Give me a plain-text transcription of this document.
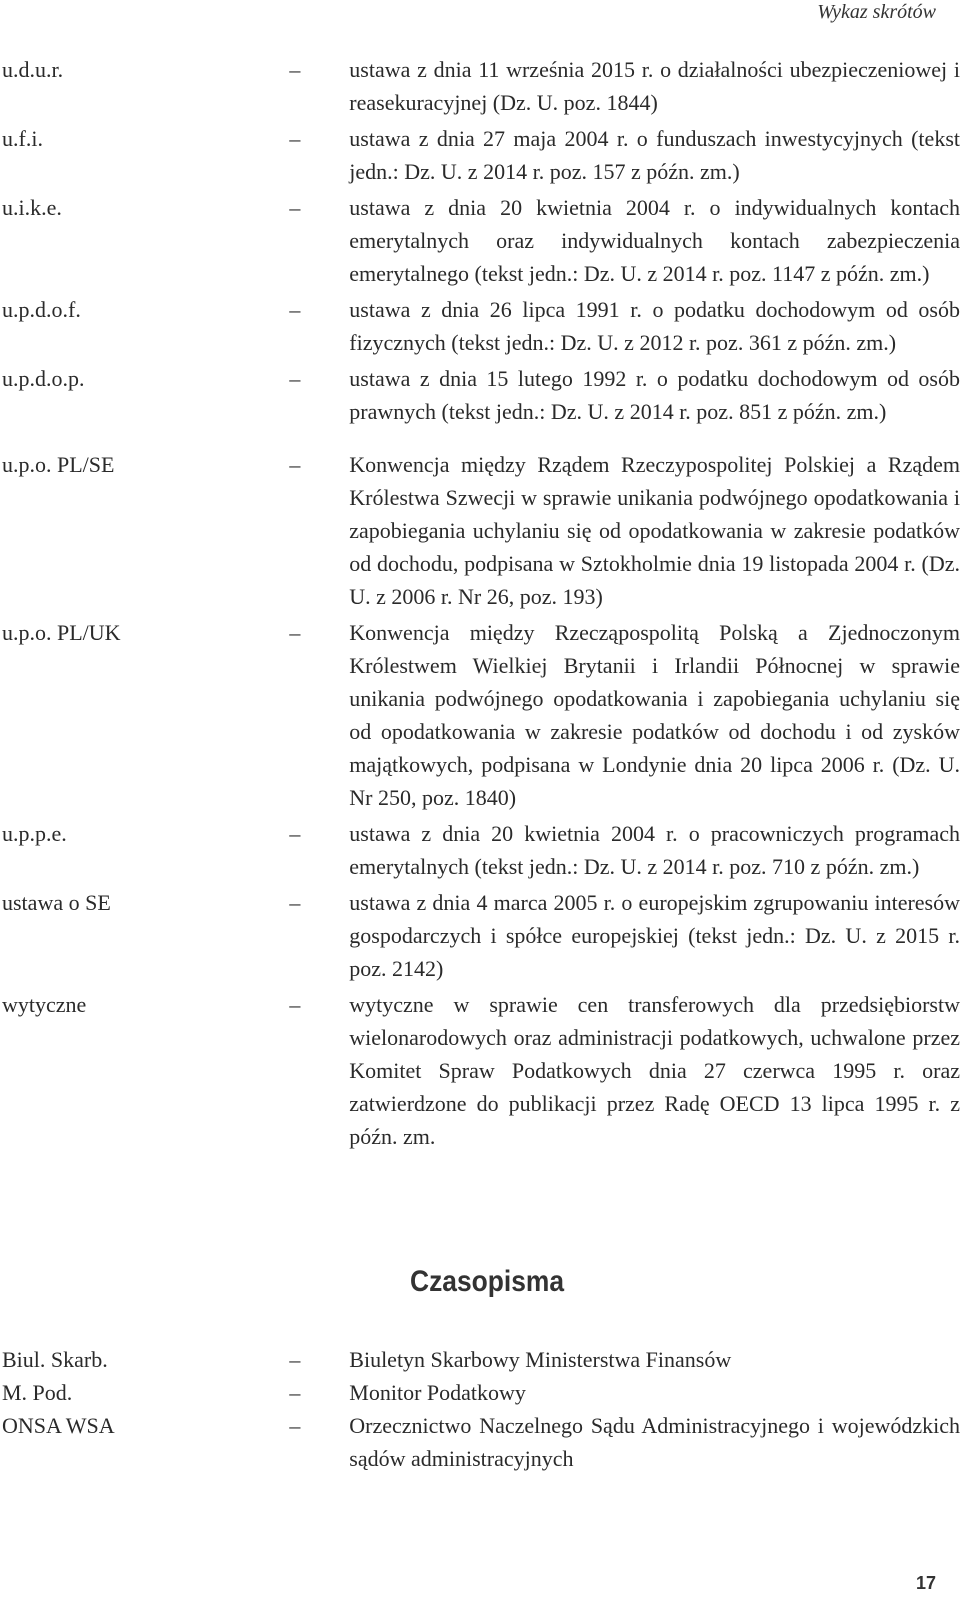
Wykaz skrótów
u.d.u.r.	–	ustawa z dnia 11 września 2015 r. o działalności ubezpieczeniowej i reasekuracyjnej (Dz. U. poz. 1844)
u.f.i.	–	ustawa z dnia 27 maja 2004 r. o funduszach inwestycyjnych (tekst jedn.: Dz. U. z 2014 r. poz. 157 z późn. zm.)
u.i.k.e.	–	ustawa z dnia 20 kwietnia 2004 r. o indywidualnych kontach emerytalnych oraz indywidualnych kontach zabezpieczenia emerytalnego (tekst jedn.: Dz. U. z 2014 r. poz. 1147 z późn. zm.)
u.p.d.o.f.	–	ustawa z dnia 26 lipca 1991 r. o podatku dochodowym od osób fizycznych (tekst jedn.: Dz. U. z 2012 r. poz. 361 z późn. zm.)
u.p.d.o.p.	–	ustawa z dnia 15 lutego 1992 r. o podatku dochodowym od osób prawnych (tekst jedn.: Dz. U. z 2014 r. poz. 851 z późn. zm.)
u.p.o. PL/SE	–	Konwencja między Rządem Rzeczypospolitej Polskiej a Rządem Królestwa Szwecji w sprawie unikania podwójnego opodatkowania i zapobiegania uchylaniu się od opodatkowania w zakresie podatków od dochodu, podpisana w Sztokholmie dnia 19 listopada 2004 r. (Dz. U. z 2006 r. Nr 26, poz. 193)
u.p.o. PL/UK	–	Konwencja między Rzecząpospolitą Polską a Zjednoczonym Królestwem Wielkiej Brytanii i Irlandii Północnej w sprawie unikania podwójnego opodatkowania i zapobiegania uchylaniu się od opodatkowania w zakresie podatków od dochodu i od zysków majątkowych, podpisana w Londynie dnia 20 lipca 2006 r. (Dz. U. Nr 250, poz. 1840)
u.p.p.e.	–	ustawa z dnia 20 kwietnia 2004 r. o pracowniczych programach emerytalnych (tekst jedn.: Dz. U. z 2014 r. poz. 710 z późn. zm.)
ustawa o SE	–	ustawa z dnia 4 marca 2005 r. o europejskim zgrupowaniu interesów gospodarczych i spółce europejskiej (tekst jedn.: Dz. U. z 2015 r. poz. 2142)
wytyczne	–	wytyczne w sprawie cen transferowych dla przedsiębiorstw wielonarodowych oraz administracji podatkowych, uchwalone przez Komitet Spraw Podatkowych dnia 27 czerwca 1995 r. oraz zatwierdzone do publikacji przez Radę OECD 13 lipca 1995 r. z późn. zm.
Czasopisma
Biul. Skarb.	–	Biuletyn Skarbowy Ministerstwa Finansów
M. Pod.	–	Monitor Podatkowy
ONSA WSA	–	Orzecznictwo Naczelnego Sądu Administracyjnego i wojewódzkich sądów administracyjnych
17
